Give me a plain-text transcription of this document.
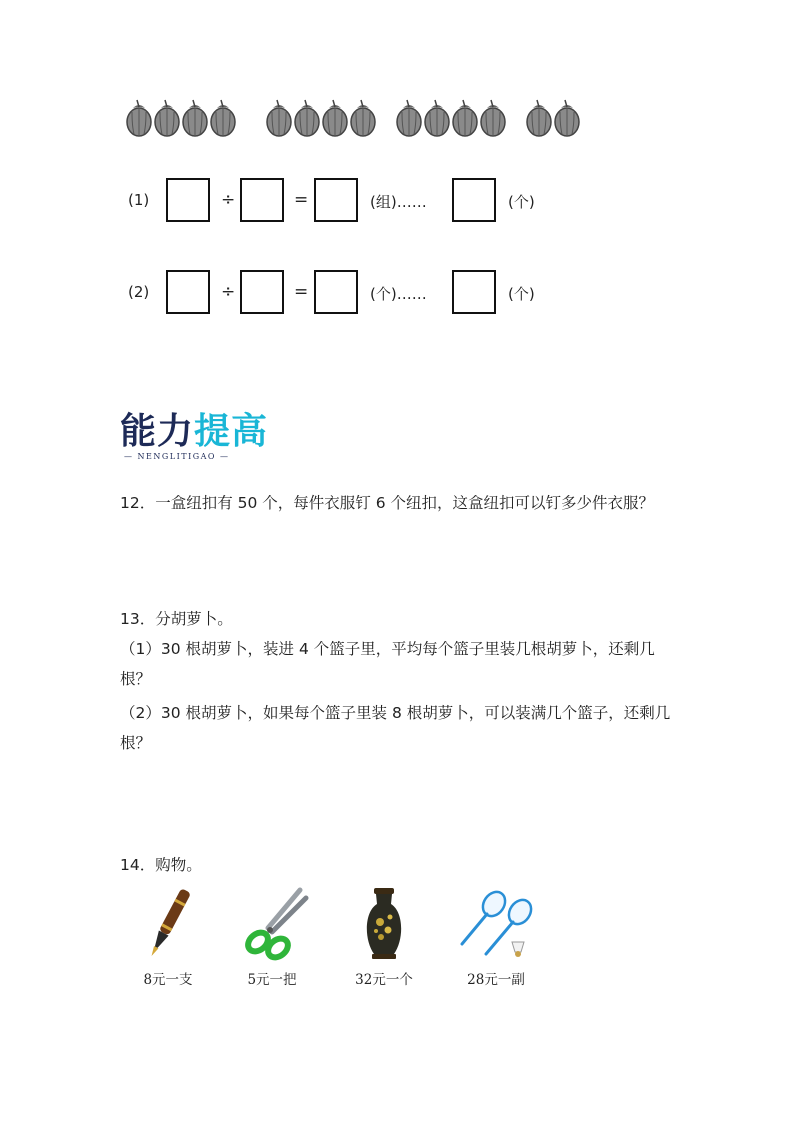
(1)	÷	=	(组)……	(个)
(2)	÷	=	(个)……	(个)
能力提高
— NENGLITIGAO —
12．一盒纽扣有 50 个，每件衣服钉 6 个纽扣，这盒纽扣可以钉多少件衣服？
13．分胡萝卜。
（1）30 根胡萝卜，装进 4 个篮子里，平均每个篮子里装几根胡萝卜，还剩几
根？
（2）30 根胡萝卜，如果每个篮子里装 8 根胡萝卜，可以装满几个篮子，还剩几
根？
14．购物。
8元一支	5元一把	32元一个	28元一副
